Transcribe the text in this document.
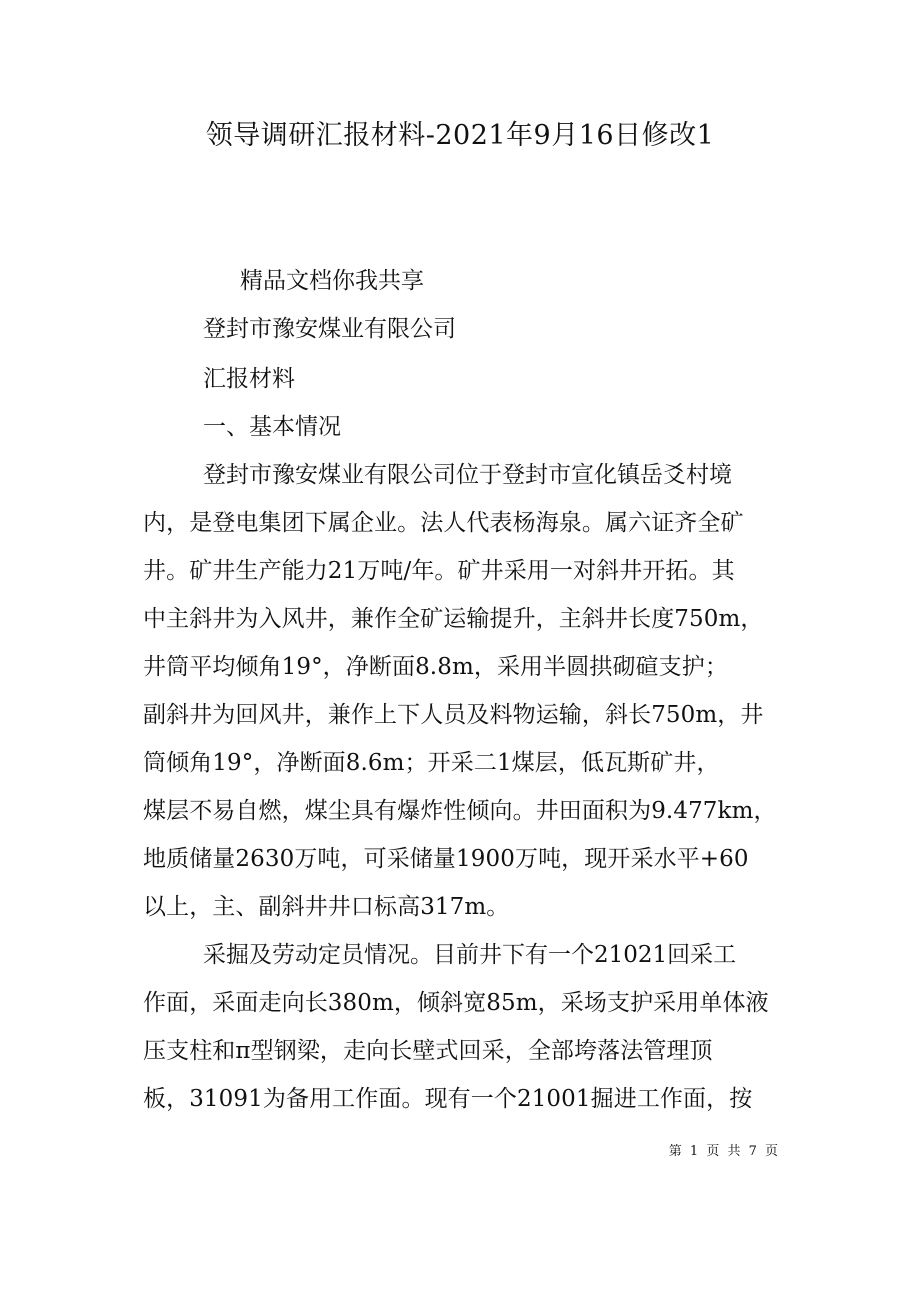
领导调研汇报材料-2021年9月16日修改1
精品文档你我共享
登封市豫安煤业有限公司
汇报材料
一、基本情况
登封市豫安煤业有限公司位于登封市宣化镇岳爻村境
内，是登电集团下属企业。法人代表杨海泉。属六证齐全矿
井。矿井生产能力21万吨/年。矿井采用一对斜井开拓。其
中主斜井为入风井，兼作全矿运输提升，主斜井长度750m，
井筒平均倾角19°，净断面8.8m，采用半圆拱砌碹支护；
副斜井为回风井，兼作上下人员及料物运输，斜长750m，井
筒倾角19°，净断面8.6m；开采二1煤层，低瓦斯矿井，
煤层不易自燃，煤尘具有爆炸性倾向。井田面积为9.477km，
地质储量2630万吨，可采储量1900万吨，现开采水平+60
以上，主、副斜井井口标高317m。
采掘及劳动定员情况。目前井下有一个21021回采工
作面，采面走向长380m，倾斜宽85m，采场支护采用单体液
压支柱和π型钢梁，走向长壁式回采，全部垮落法管理顶
板，31091为备用工作面。现有一个21001掘进工作面，按
第 1 页 共 7 页
